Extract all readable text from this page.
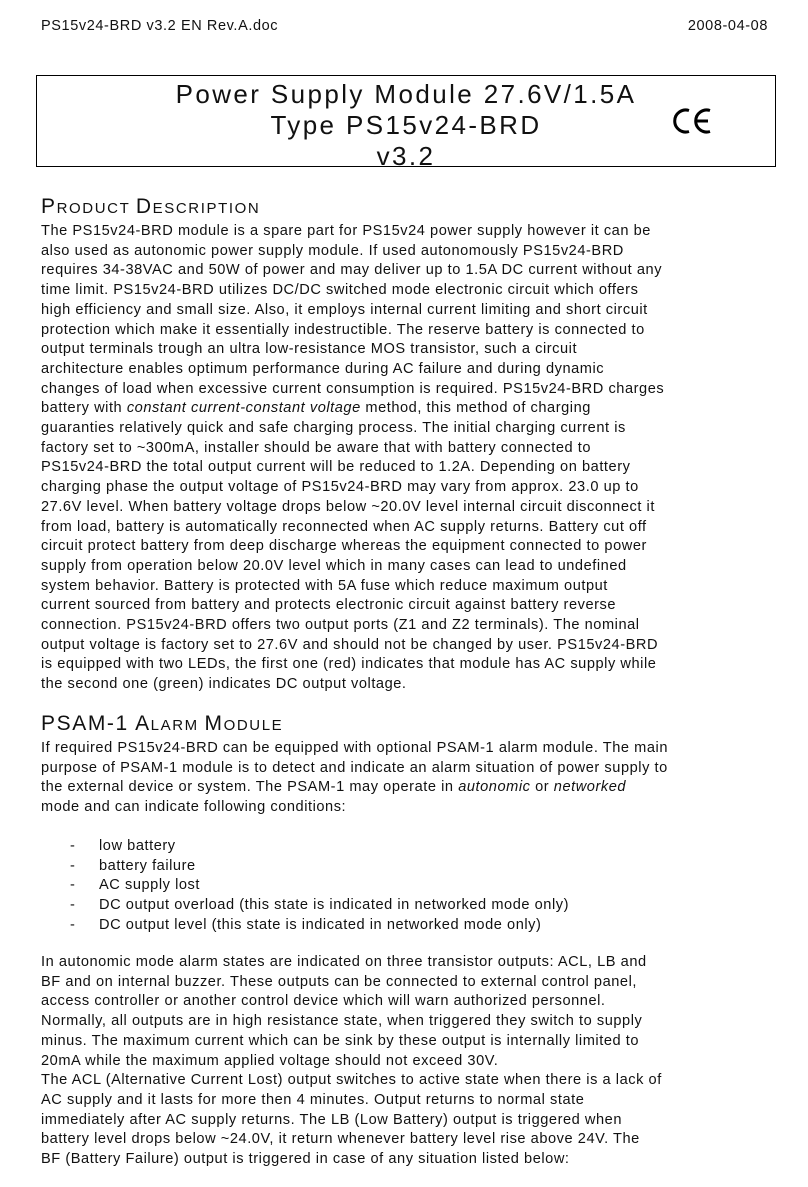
PS15v24-BRD v3.2 EN Rev.A.doc	2008-04-08
Power Supply Module 27.6V/1.5A
Type PS15v24-BRD
v3.2
PRODUCT DESCRIPTION
The PS15v24-BRD module is a spare part for PS15v24 power supply however it can be
also used as autonomic power supply module. If used autonomously PS15v24-BRD
requires 34-38VAC and 50W of power and may deliver up to 1.5A DC current without any
time limit. PS15v24-BRD utilizes DC/DC switched mode electronic circuit which offers
high efficiency and small size. Also, it employs internal current limiting and short circuit
protection which make it essentially indestructible. The reserve battery is connected to
output terminals trough an ultra low-resistance MOS transistor, such a circuit
architecture enables optimum performance during AC failure and during dynamic
changes of load when excessive current consumption is required. PS15v24-BRD charges
battery with constant current-constant voltage method, this method of charging
guaranties relatively quick and safe charging process. The initial charging current is
factory set to ~300mA, installer should be aware that with battery connected to
PS15v24-BRD the total output current will be reduced to 1.2A. Depending on battery
charging phase the output voltage of PS15v24-BRD may vary from approx. 23.0 up to
27.6V level. When battery voltage drops below ~20.0V level internal circuit disconnect it
from load, battery is automatically reconnected when AC supply returns. Battery cut off
circuit protect battery from deep discharge whereas the equipment connected to power
supply from operation below 20.0V level which in many cases can lead to undefined
system behavior. Battery is protected with 5A fuse which reduce maximum output
current sourced from battery and protects electronic circuit against battery reverse
connection. PS15v24-BRD offers two output ports (Z1 and Z2 terminals). The nominal
output voltage is factory set to 27.6V and should not be changed by user. PS15v24-BRD
is equipped with two LEDs, the first one (red) indicates that module has AC supply while
the second one (green) indicates DC output voltage.
PSAM-1 ALARM MODULE
If required PS15v24-BRD can be equipped with optional PSAM-1 alarm module. The main
purpose of PSAM-1 module is to detect and indicate an alarm situation of power supply to
the external device or system. The PSAM-1 may operate in autonomic or networked
mode and can indicate following conditions:
- low battery
- battery failure
- AC supply lost
- DC output overload (this state is indicated in networked mode only)
- DC output level (this state is indicated in networked mode only)
In autonomic mode alarm states are indicated on three transistor outputs: ACL, LB and
BF and on internal buzzer. These outputs can be connected to external control panel,
access controller or another control device which will warn authorized personnel.
Normally, all outputs are in high resistance state, when triggered they switch to supply
minus. The maximum current which can be sink by these output is internally limited to
20mA while the maximum applied voltage should not exceed 30V.
The ACL (Alternative Current Lost) output switches to active state when there is a lack of
AC supply and it lasts for more then 4 minutes. Output returns to normal state
immediately after AC supply returns. The LB (Low Battery) output is triggered when
battery level drops below ~24.0V, it return whenever battery level rise above 24V. The
BF (Battery Failure) output is triggered in case of any situation listed below:
